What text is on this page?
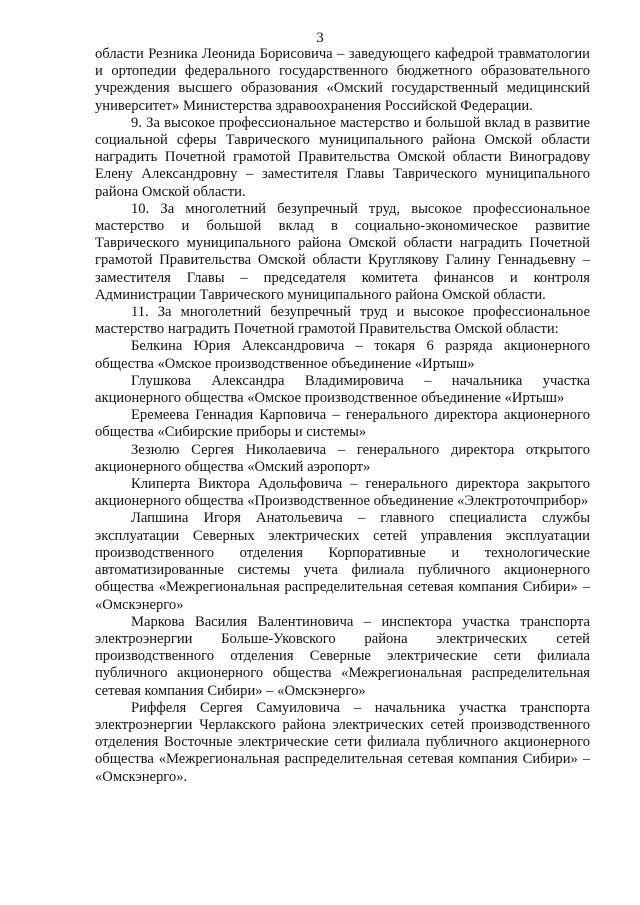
3

области Резника Леонида Борисовича – заведующего кафедрой травматологии и ортопедии федерального государственного бюджетного образовательного учреждения высшего образования «Омский государственный медицинский университет» Министерства здравоохранения Российской Федерации.

9. За высокое профессиональное мастерство и большой вклад в развитие социальной сферы Таврического муниципального района Омской области наградить Почетной грамотой Правительства Омской области Виноградову Елену Александровну – заместителя Главы Таврического муниципального района Омской области.

10. За многолетний безупречный труд, высокое профессиональное мастерство и большой вклад в социально-экономическое развитие Таврического муниципального района Омской области наградить Почетной грамотой Правительства Омской области Круглякову Галину Геннадьевну – заместителя Главы – председателя комитета финансов и контроля Администрации Таврического муниципального района Омской области.

11. За многолетний безупречный труд и высокое профессиональное мастерство наградить Почетной грамотой Правительства Омской области:

Белкина Юрия Александровича – токаря 6 разряда акционерного общества «Омское производственное объединение «Иртыш»

Глушкова Александра Владимировича – начальника участка акционерного общества «Омское производственное объединение «Иртыш»

Еремеева Геннадия Карповича – генерального директора акционерного общества «Сибирские приборы и системы»

Зезюлю Сергея Николаевича – генерального директора открытого акционерного общества «Омский аэропорт»

Клиперта Виктора Адольфовича – генерального директора закрытого акционерного общества «Производственное объединение «Электроточприбор»

Лапшина Игоря Анатольевича – главного специалиста службы эксплуатации Северных электрических сетей управления эксплуатации производственного отделения Корпоративные и технологические автоматизированные системы учета филиала публичного акционерного общества «Межрегиональная распределительная сетевая компания Сибири» – «Омскэнерго»

Маркова Василия Валентиновича – инспектора участка транспорта электроэнергии Больше-Уковского района электрических сетей производственного отделения Северные электрические сети филиала публичного акционерного общества «Межрегиональная распределительная сетевая компания Сибири» – «Омскэнерго»

Риффеля Сергея Самуиловича – начальника участка транспорта электроэнергии Черлакского района электрических сетей производственного отделения Восточные электрические сети филиала публичного акционерного общества «Межрегиональная распределительная сетевая компания Сибири» – «Омскэнерго».
